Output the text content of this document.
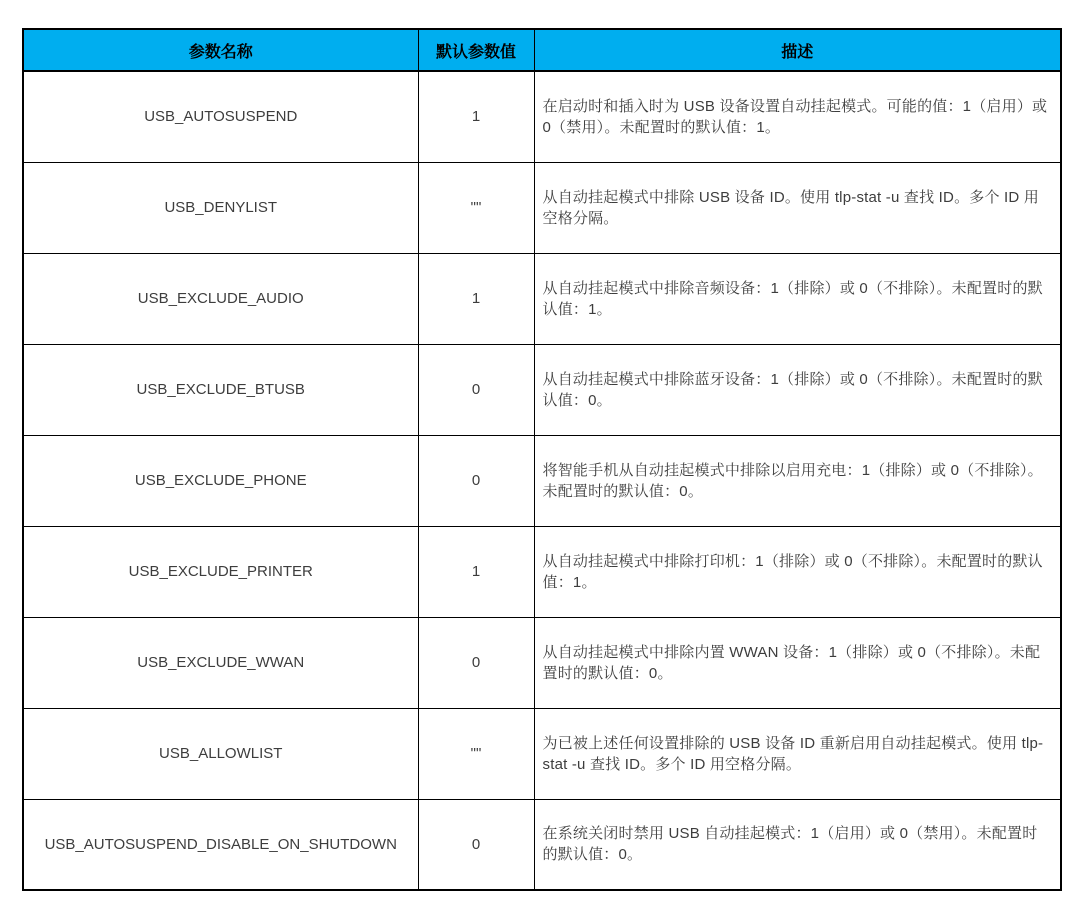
参数名称	默认参数值	描述
USB_AUTOSUSPEND	1	在启动时和插入时为 USB 设备设置自动挂起模式。可能的值：1（启用）或 0（禁用）。未配置时的默认值：1。
USB_DENYLIST	""	从自动挂起模式中排除 USB 设备 ID。使用 tlp-stat -u 查找 ID。多个 ID 用空格分隔。
USB_EXCLUDE_AUDIO	1	从自动挂起模式中排除音频设备：1（排除）或 0（不排除）。未配置时的默认值：1。
USB_EXCLUDE_BTUSB	0	从自动挂起模式中排除蓝牙设备：1（排除）或 0（不排除）。未配置时的默认值：0。
USB_EXCLUDE_PHONE	0	将智能手机从自动挂起模式中排除以启用充电：1（排除）或 0（不排除）。未配置时的默认值：0。
USB_EXCLUDE_PRINTER	1	从自动挂起模式中排除打印机：1（排除）或 0（不排除）。未配置时的默认值：1。
USB_EXCLUDE_WWAN	0	从自动挂起模式中排除内置 WWAN 设备：1（排除）或 0（不排除）。未配置时的默认值：0。
USB_ALLOWLIST	""	为已被上述任何设置排除的 USB 设备 ID 重新启用自动挂起模式。使用 tlp-stat -u 查找 ID。多个 ID 用空格分隔。
USB_AUTOSUSPEND_DISABLE_ON_SHUTDOWN	0	在系统关闭时禁用 USB 自动挂起模式：1（启用）或 0（禁用）。未配置时的默认值：0。
